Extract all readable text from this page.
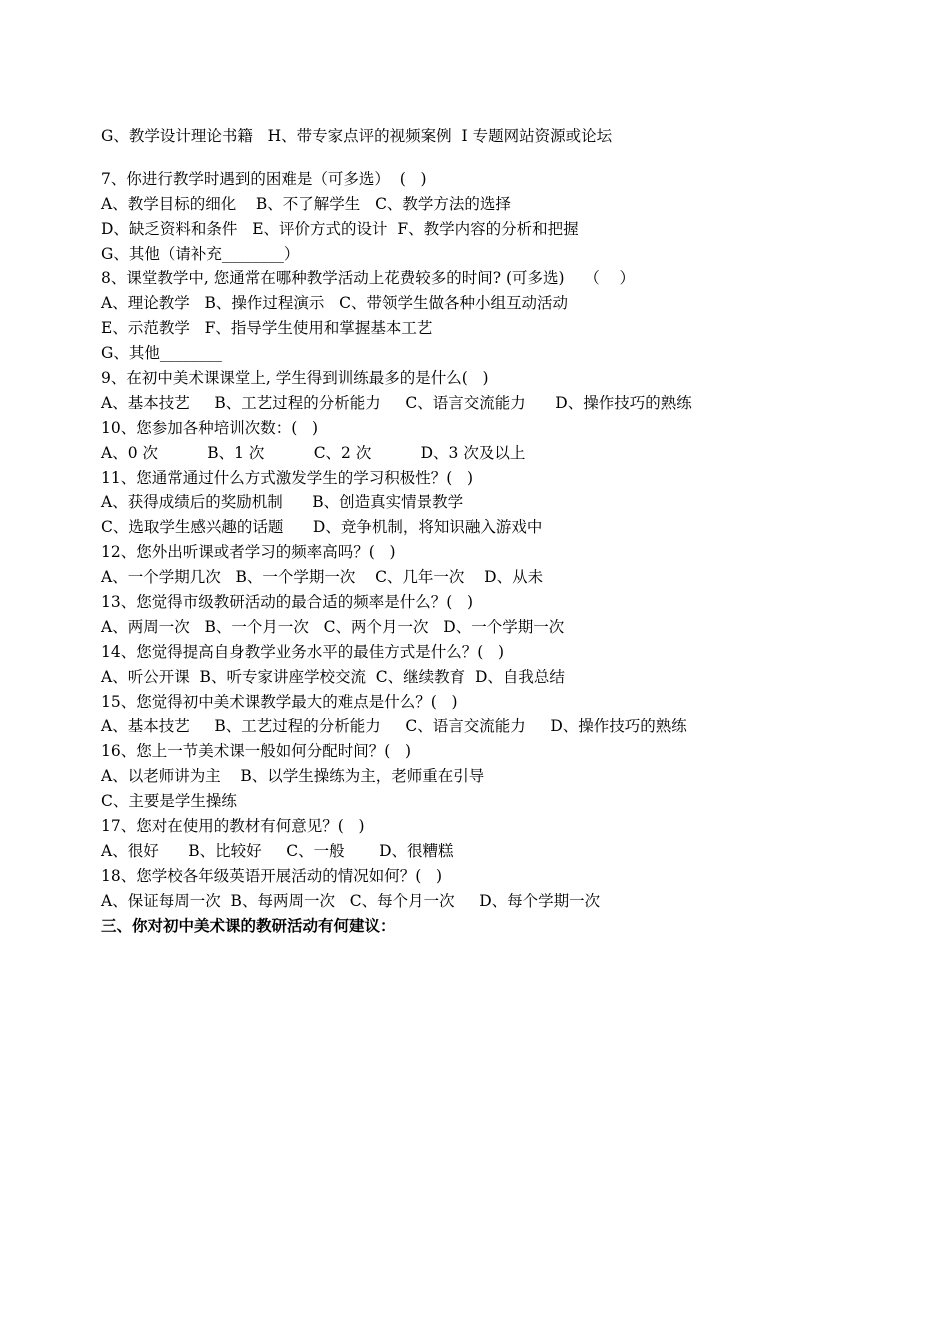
G、教学设计理论书籍   H、带专家点评的视频案例  I 专题网站资源或论坛
7、你进行教学时遇到的困难是（可多选）  (   )
A、教学目标的细化    B、不了解学生   C、教学方法的选择
D、缺乏资料和条件   E、评价方式的设计  F、教学内容的分析和把握
G、其他（请补充________）
8、课堂教学中, 您通常在哪种教学活动上花费较多的时间? (可多选)    （    ）
A、理论教学   B、操作过程演示   C、带领学生做各种小组互动活动
E、示范教学   F、指导学生使用和掌握基本工艺
G、其他________
9、在初中美术课课堂上, 学生得到训练最多的是什么(   )
A、基本技艺     B、工艺过程的分析能力     C、语言交流能力      D、操作技巧的熟练
10、您参加各种培训次数：(   )
A、0 次          B、1 次          C、2 次          D、3 次及以上
11、您通常通过什么方式激发学生的学习积极性？(   )
A、获得成绩后的奖励机制      B、创造真实情景教学
C、选取学生感兴趣的话题      D、竞争机制，将知识融入游戏中
12、您外出听课或者学习的频率高吗？(   )
A、一个学期几次   B、一个学期一次    C、几年一次    D、从未
13、您觉得市级教研活动的最合适的频率是什么？(   )
A、两周一次   B、一个月一次   C、两个月一次   D、一个学期一次
14、您觉得提高自身教学业务水平的最佳方式是什么？(   )
A、听公开课  B、听专家讲座学校交流  C、继续教育  D、自我总结
15、您觉得初中美术课教学最大的难点是什么？(   )
A、基本技艺     B、工艺过程的分析能力     C、语言交流能力     D、操作技巧的熟练
16、您上一节美术课一般如何分配时间？(   )
A、以老师讲为主    B、以学生操练为主，老师重在引导
C、主要是学生操练
17、您对在使用的教材有何意见？(   )
A、很好      B、比较好     C、一般       D、很糟糕
18、您学校各年级英语开展活动的情况如何？(   )
A、保证每周一次  B、每两周一次   C、每个月一次     D、每个学期一次
三、你对初中美术课的教研活动有何建议：
